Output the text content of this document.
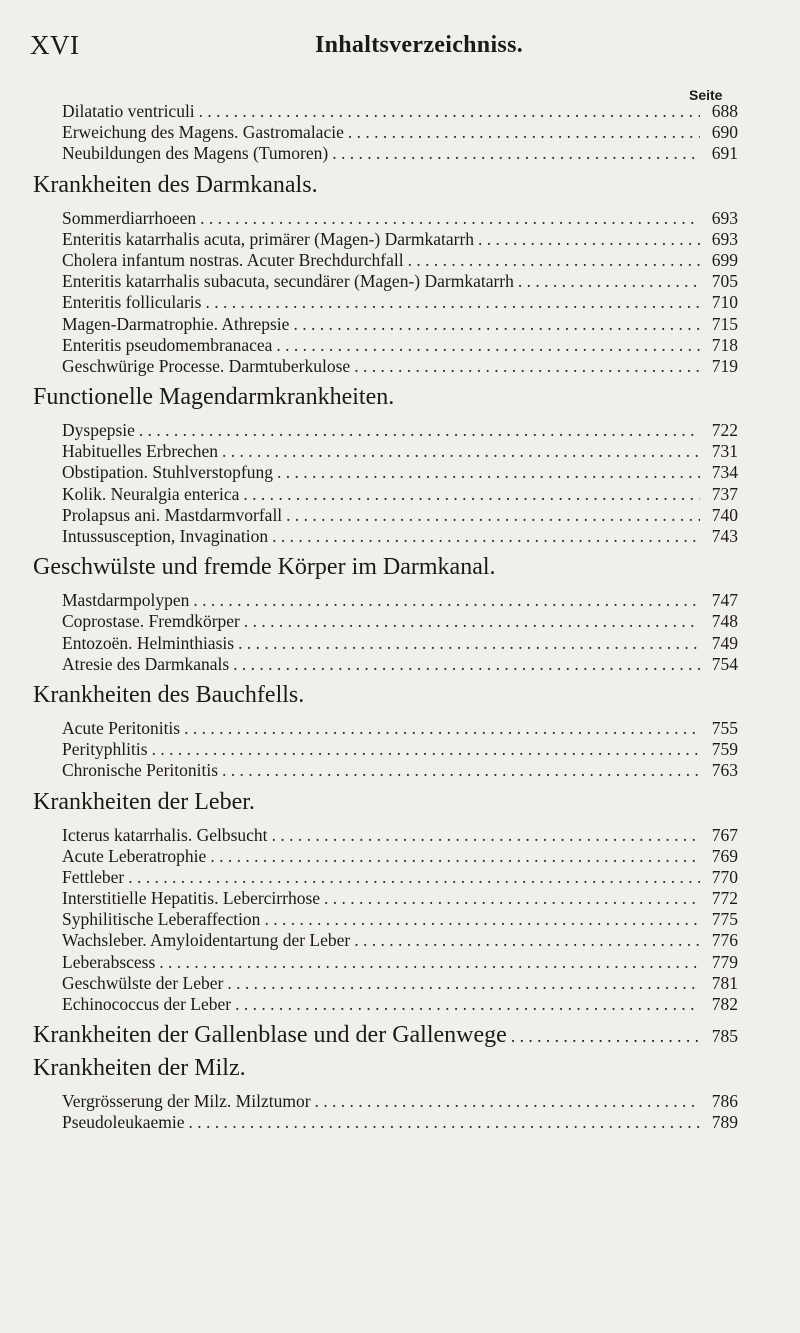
XVI	Inhaltsverzeichniss.
Seite
Dilatatio ventriculi . . .	688
Erweichung des Magens. Gastromalacie . . .	690
Neubildungen des Magens (Tumoren) . . .	691
Krankheiten des Darmkanals.
Sommerdiarrhoeen . . .	693
Enteritis katarrhalis acuta, primärer (Magen-) Darmkatarrh . . .	693
Cholera infantum nostras. Acuter Brechdurchfall . . .	699
Enteritis katarrhalis subacuta, secundärer (Magen-) Darmkatarrh . . .	705
Enteritis follicularis . . .	710
Magen-Darmatrophie. Athrepsie . . .	715
Enteritis pseudomembranacea . . .	718
Geschwürige Processe. Darmtuberkulose . . .	719
Functionelle Magendarmkrankheiten.
Dyspepsie . . .	722
Habituelles Erbrechen . . .	731
Obstipation. Stuhlverstopfung . . .	734
Kolik. Neuralgia enterica . . .	737
Prolapsus ani. Mastdarmvorfall . . .	740
Intussusception, Invagination . . .	743
Geschwülste und fremde Körper im Darmkanal.
Mastdarmpolypen . . .	747
Coprostase. Fremdkörper . . .	748
Entozoën. Helminthiasis . . .	749
Atresie des Darmkanals . . .	754
Krankheiten des Bauchfells.
Acute Peritonitis . . .	755
Perityphlitis . . .	759
Chronische Peritonitis . . .	763
Krankheiten der Leber.
Icterus katarrhalis. Gelbsucht . . .	767
Acute Leberatrophie . . .	769
Fettleber . . .	770
Interstitielle Hepatitis. Lebercirrhose . . .	772
Syphilitische Leberaffection . . .	775
Wachsleber. Amyloidentartung der Leber . . .	776
Leberabscess . . .	779
Geschwülste der Leber . . .	781
Echinococcus der Leber . . .	782
Krankheiten der Gallenblase und der Gallenwege . . .	785
Krankheiten der Milz.
Vergrösserung der Milz. Milztumor . . .	786
Pseudoleukaemie . . .	789
